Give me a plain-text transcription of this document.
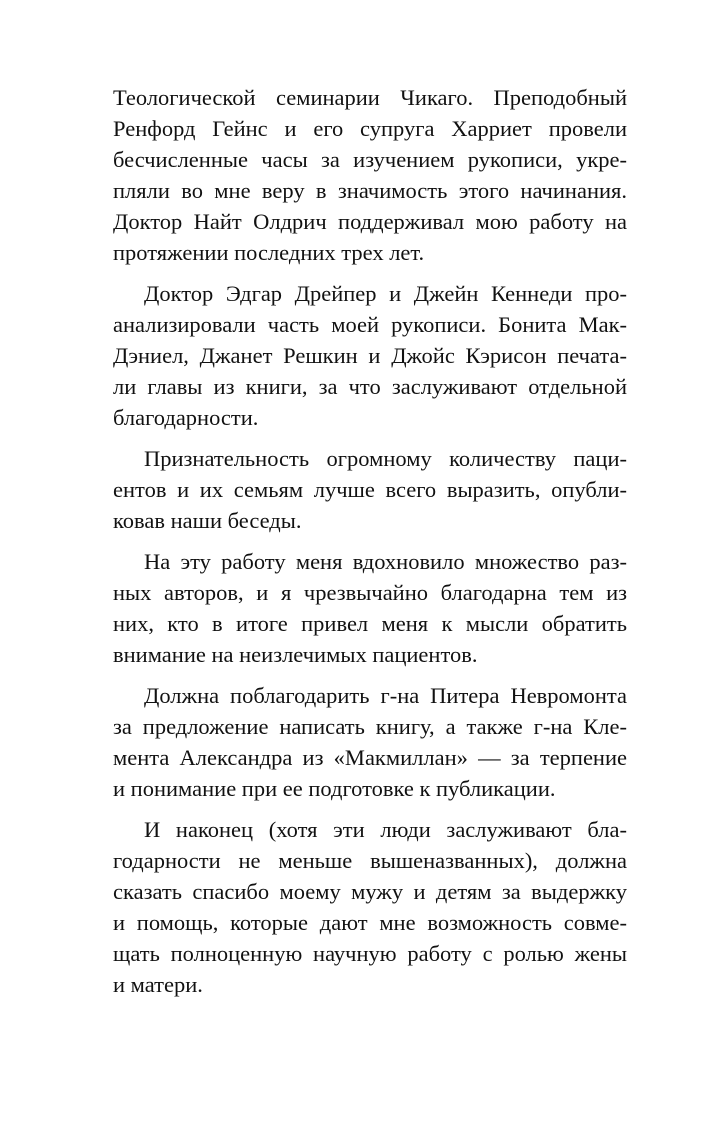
Теологической семинарии Чикаго. Преподобный
Ренфорд Гейнс и его супруга Харриет провели
бесчисленные часы за изучением рукописи, укре-
пляли во мне веру в значимость этого начинания.
Доктор Найт Олдрич поддерживал мою работу на
протяжении последних трех лет.
Доктор Эдгар Дрейпер и Джейн Кеннеди про-
анализировали часть моей рукописи. Бонита Мак-
Дэниел, Джанет Решкин и Джойс Кэрисон печата-
ли главы из книги, за что заслуживают отдельной
благодарности.
Признательность огромному количеству паци-
ентов и их семьям лучше всего выразить, опубли-
ковав наши беседы.
На эту работу меня вдохновило множество раз-
ных авторов, и я чрезвычайно благодарна тем из
них, кто в итоге привел меня к мысли обратить
внимание на неизлечимых пациентов.
Должна поблагодарить г-на Питера Невромонта
за предложение написать книгу, а также г-на Кле-
мента Александра из «Макмиллан» — за терпение
и понимание при ее подготовке к публикации.
И наконец (хотя эти люди заслуживают бла-
годарности не меньше вышеназванных), должна
сказать спасибо моему мужу и детям за выдержку
и помощь, которые дают мне возможность совме-
щать полноценную научную работу с ролью жены
и матери.
